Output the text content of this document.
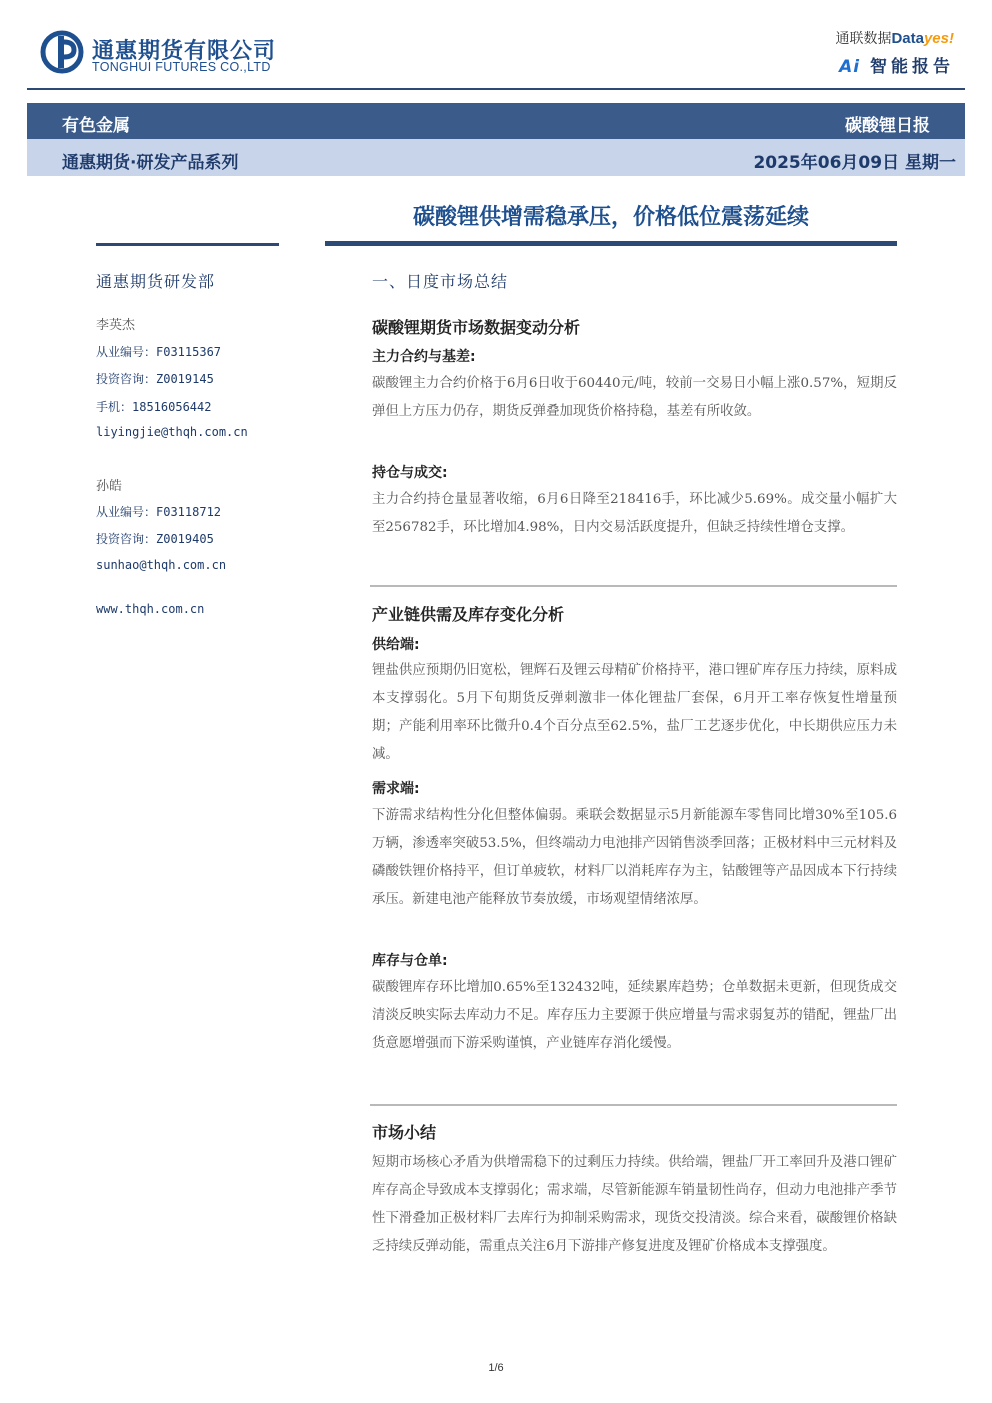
通惠期货有限公司
TONGHUI FUTURES CO.,LTD
通联数据Datayes!
Ai 智能报告
有色金属	碳酸锂日报
通惠期货·研发产品系列	2025年06月09日 星期一
碳酸锂供增需稳承压，价格低位震荡延续
通惠期货研发部
李英杰
从业编号：F03115367
投资咨询：Z0019145
手机：18516056442
liyingjie@thqh.com.cn
孙皓
从业编号：F03118712
投资咨询：Z0019405
sunhao@thqh.com.cn
www.thqh.com.cn
一、日度市场总结
碳酸锂期货市场数据变动分析
主力合约与基差:
碳酸锂主力合约价格于6月6日收于60440元/吨，较前一交易日小幅上涨0.57%，短期反弹但上方压力仍存，期货反弹叠加现货价格持稳，基差有所收敛。
持仓与成交:
主力合约持仓量显著收缩，6月6日降至218416手，环比减少5.69%。成交量小幅扩大至256782手，环比增加4.98%，日内交易活跃度提升，但缺乏持续性增仓支撑。
产业链供需及库存变化分析
供给端:
锂盐供应预期仍旧宽松，锂辉石及锂云母精矿价格持平，港口锂矿库存压力持续，原料成本支撑弱化。5月下旬期货反弹刺激非一体化锂盐厂套保，6月开工率存恢复性增量预期；产能利用率环比微升0.4个百分点至62.5%，盐厂工艺逐步优化，中长期供应压力未减。
需求端:
下游需求结构性分化但整体偏弱。乘联会数据显示5月新能源车零售同比增30%至105.6万辆，渗透率突破53.5%，但终端动力电池排产因销售淡季回落；正极材料中三元材料及磷酸铁锂价格持平，但订单疲软，材料厂以消耗库存为主，钴酸锂等产品因成本下行持续承压。新建电池产能释放节奏放缓，市场观望情绪浓厚。
库存与仓单:
碳酸锂库存环比增加0.65%至132432吨，延续累库趋势；仓单数据未更新，但现货成交清淡反映实际去库动力不足。库存压力主要源于供应增量与需求弱复苏的错配，锂盐厂出货意愿增强而下游采购谨慎，产业链库存消化缓慢。
市场小结
短期市场核心矛盾为供增需稳下的过剩压力持续。供给端，锂盐厂开工率回升及港口锂矿库存高企导致成本支撑弱化；需求端，尽管新能源车销量韧性尚存，但动力电池排产季节性下滑叠加正极材料厂去库行为抑制采购需求，现货交投清淡。综合来看，碳酸锂价格缺乏持续反弹动能，需重点关注6月下游排产修复进度及锂矿价格成本支撑强度。
1/6
